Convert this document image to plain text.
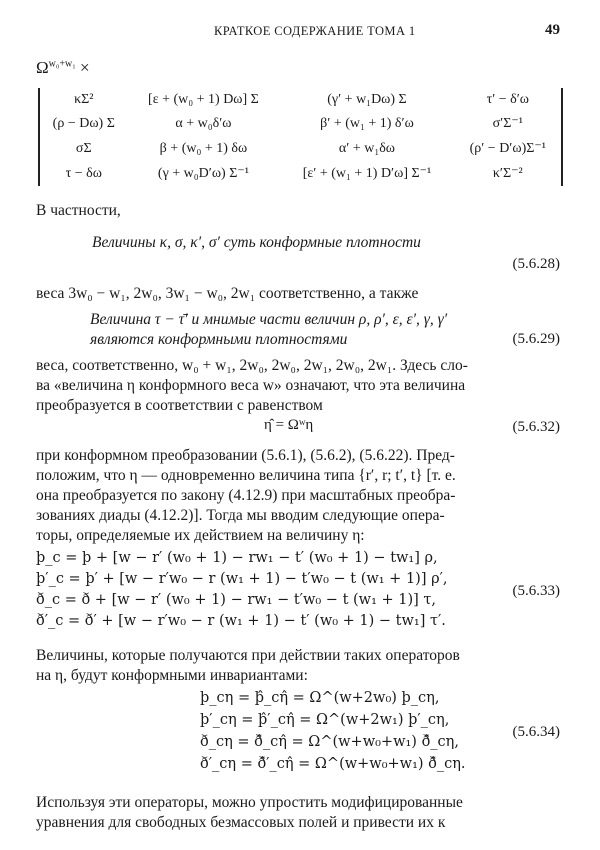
КРАТКОЕ СОДЕРЖАНИЕ ТОМА 1	49
$\Omega^{w_0+w_1}$ ×
κΣ²	[ε + (w₀ + 1) Dω] Σ	(γ′ + w₁Dω) Σ	τ′ − δ′ω
(ρ − Dω) Σ	α + w₀δ′ω	β′ + (w₁ + 1) δ′ω	σ′Σ⁻¹
σΣ	β + (w₀ + 1) δω	α′ + w₁δω	(ρ′ − D′ω)Σ⁻¹
τ − δω	(γ + w₀D′ω) Σ⁻¹	[ε′ + (w₁ + 1) D′ω] Σ⁻¹	κ′Σ⁻²
В частности,
Величины κ, σ, κ′, σ′ суть конформные плотности
(5.6.28)
веса 3w₀ − w₁, 2w₀, 3w₁ − w₀, 2w₁ соответственно, а также
Величина τ − τ̄′ и мнимые части величин ρ, ρ′, ε, ε′, γ, γ′
являются конформными плотностями	(5.6.29)
веса, соответственно, w₀ + w₁, 2w₀, 2w₀, 2w₁, 2w₀, 2w₁. Здесь сло-
ва «величина η конформного веса w» означают, что эта величина
преобразуется в соответствии с равенством
η̂ = Ωʷη	(5.6.32)
при конформном преобразовании (5.6.1), (5.6.2), (5.6.22). Пред-
положим, что η — одновременно величина типа {r′, r; t′, t} [т. е.
она преобразуется по закону (4.12.9) при масштабных преобра-
зованиях диады (4.12.2)]. Тогда мы вводим следующие опера-
торы, определяемые их действием на величину η:
þ_c = þ + [w − r′ (w₀ + 1) − rw₁ − t′ (w₀ + 1) − tw₁] ρ,
þ′_c = þ′ + [w − r′w₀ − r (w₁ + 1) − t′w₀ − t (w₁ + 1)] ρ′,
ð_c = ð + [w − r′ (w₀ + 1) − rw₁ − t′w₀ − t (w₁ + 1)] τ,
ð′_c = ð′ + [w − r′w₀ − r (w₁ + 1) − t′ (w₀ + 1) − tw₁] τ′.
(5.6.33)
Величины, которые получаются при действии таких операторов
на η, будут конформными инвариантами:
þ_cη = þ̂_cη̂ = Ω^(w+2w₀) þ_cη,
þ′_cη = þ̂′_cη̂ = Ω^(w+2w₁) þ′_cη,
ð_cη = ð̂_cη̂ = Ω^(w+w₀+w₁) ð̂_cη,
ð′_cη = ð̂′_cη̂ = Ω^(w+w₀+w₁) ð̂_cη.
(5.6.34)
Используя эти операторы, можно упростить модифицированные
уравнения для свободных безмассовых полей и привести их к
